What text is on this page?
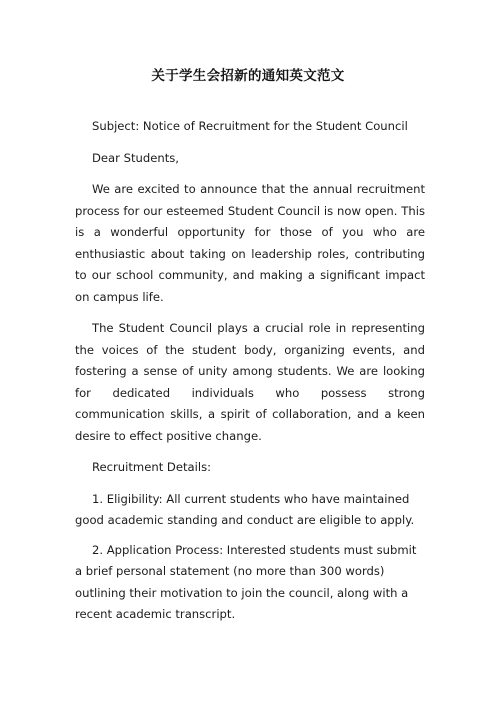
关于学生会招新的通知英文范文

Subject: Notice of Recruitment for the Student Council

Dear Students,

We are excited to announce that the annual recruitment process for our esteemed Student Council is now open. This is a wonderful opportunity for those of you who are enthusiastic about taking on leadership roles, contributing to our school community, and making a significant impact on campus life.

The Student Council plays a crucial role in representing the voices of the student body, organizing events, and fostering a sense of unity among students. We are looking for dedicated individuals who possess strong communication skills, a spirit of collaboration, and a keen desire to effect positive change.

Recruitment Details:

1. Eligibility: All current students who have maintained good academic standing and conduct are eligible to apply.

2. Application Process: Interested students must submit a brief personal statement (no more than 300 words) outlining their motivation to join the council, along with a recent academic transcript.
